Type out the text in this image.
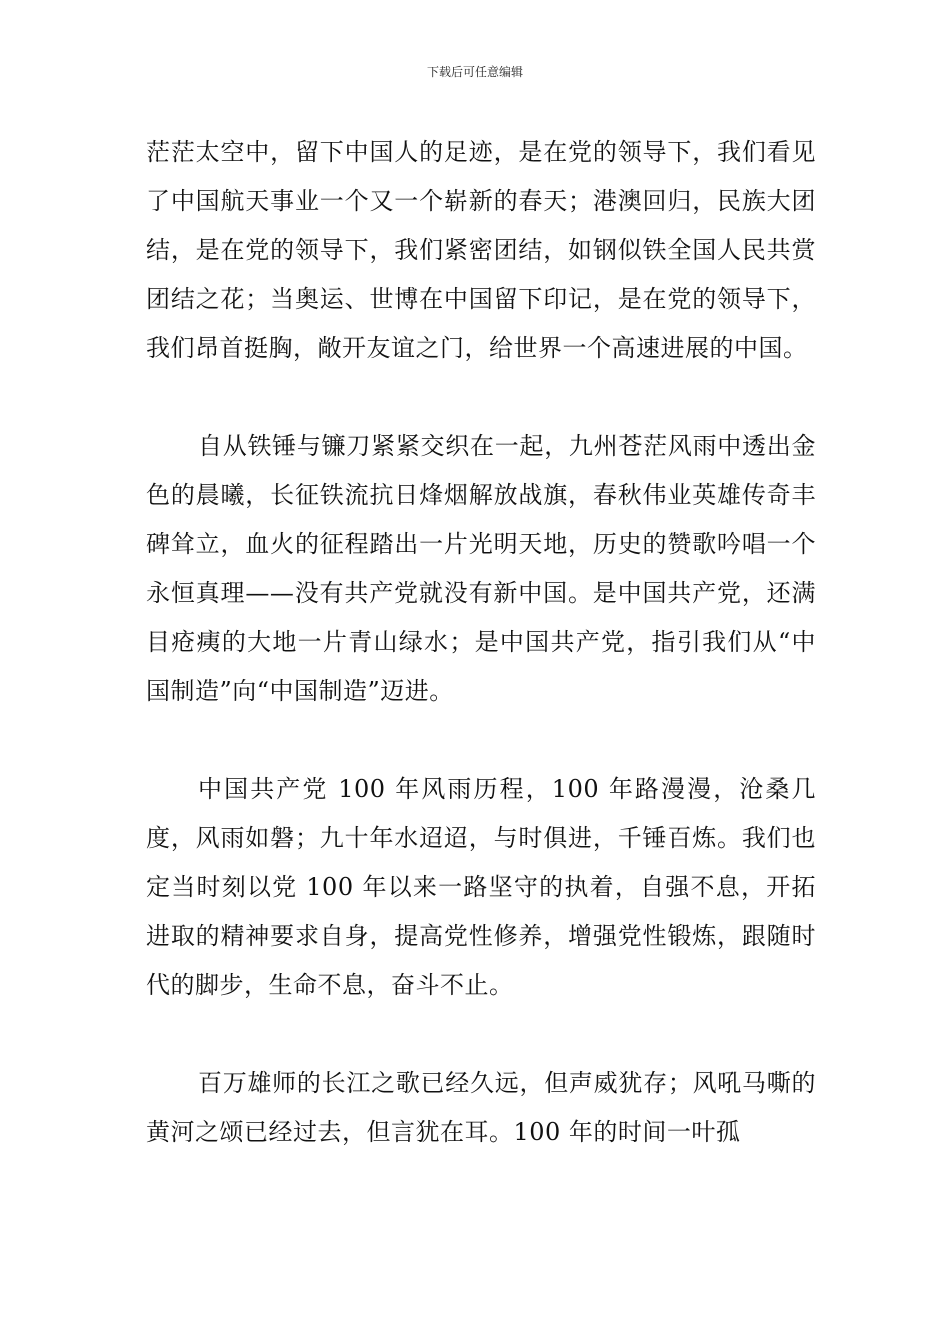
下载后可任意编辑

茫茫太空中，留下中国人的足迹，是在党的领导下，我们看见了中国航天事业一个又一个崭新的春天；港澳回归，民族大团结，是在党的领导下，我们紧密团结，如钢似铁全国人民共赏团结之花；当奥运、世博在中国留下印记，是在党的领导下，我们昂首挺胸，敞开友谊之门，给世界一个高速进展的中国。

自从铁锤与镰刀紧紧交织在一起，九州苍茫风雨中透出金色的晨曦，长征铁流抗日烽烟解放战旗，春秋伟业英雄传奇丰碑耸立，血火的征程踏出一片光明天地，历史的赞歌吟唱一个永恒真理——没有共产党就没有新中国。是中国共产党，还满目疮痍的大地一片青山绿水；是中国共产党，指引我们从“中国制造”向“中国制造”迈进。

中国共产党 100 年风雨历程，100 年路漫漫，沧桑几度，风雨如磐；九十年水迢迢，与时俱进，千锤百炼。我们也定当时刻以党 100 年以来一路坚守的执着，自强不息，开拓进取的精神要求自身，提高党性修养，增强党性锻炼，跟随时代的脚步，生命不息，奋斗不止。

百万雄师的长江之歌已经久远，但声威犹存；风吼马嘶的黄河之颂已经过去，但言犹在耳。100 年的时间一叶孤
